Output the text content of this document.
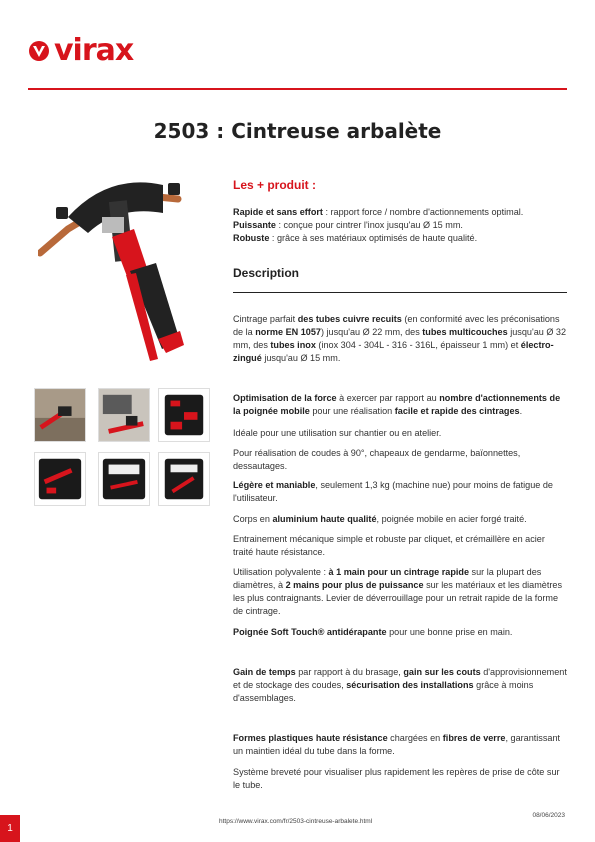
virax
2503 : Cintreuse arbalète
Les + produit :

Rapide et sans effort : rapport force / nombre d'actionnements optimal.

Puissante : conçue pour cintrer l'inox jusqu'au Ø 15 mm.

Robuste : grâce à ses matériaux optimisés de haute qualité.

Description

Cintrage parfait des tubes cuivre recuits (en conformité avec les préconisations de la norme EN 1057) jusqu'au Ø 22 mm, des tubes multicouches jusqu'au Ø 32 mm, des tubes inox (inox 304 - 304L - 316 - 316L, épaisseur 1 mm) et électro-zingué jusqu'au Ø 15 mm.

Optimisation de la force à exercer par rapport au nombre d'actionnements de la poignée mobile pour une réalisation facile et rapide des cintrages.

Idéale pour une utilisation sur chantier ou en atelier.

Pour réalisation de coudes à 90°, chapeaux de gendarme, baïonnettes, dessautages.

Légère et maniable, seulement 1,3 kg (machine nue) pour moins de fatigue de l'utilisateur.

Corps en aluminium haute qualité, poignée mobile en acier forgé traité.

Entrainement mécanique simple et robuste par cliquet, et crémaillère en acier traité haute résistance.

Utilisation polyvalente : à 1 main pour un cintrage rapide sur la plupart des diamètres, à 2 mains pour plus de puissance sur les matériaux et les diamètres les plus contraignants. Levier de déverrouillage pour un retrait rapide de la forme de cintrage.

Poignée Soft Touch® antidérapante pour une bonne prise en main.

Gain de temps par rapport à du brasage, gain sur les couts d'approvisionnement et de stockage des coudes, sécurisation des installations grâce à moins d'assemblages.

Formes plastiques haute résistance chargées en fibres de verre, garantissant un maintien idéal du tube dans la forme.

Système breveté pour visualiser plus rapidement les repères de prise de côte sur le tube.

1
https://www.virax.com/fr/2503-cintreuse-arbalete.html
08/06/2023
